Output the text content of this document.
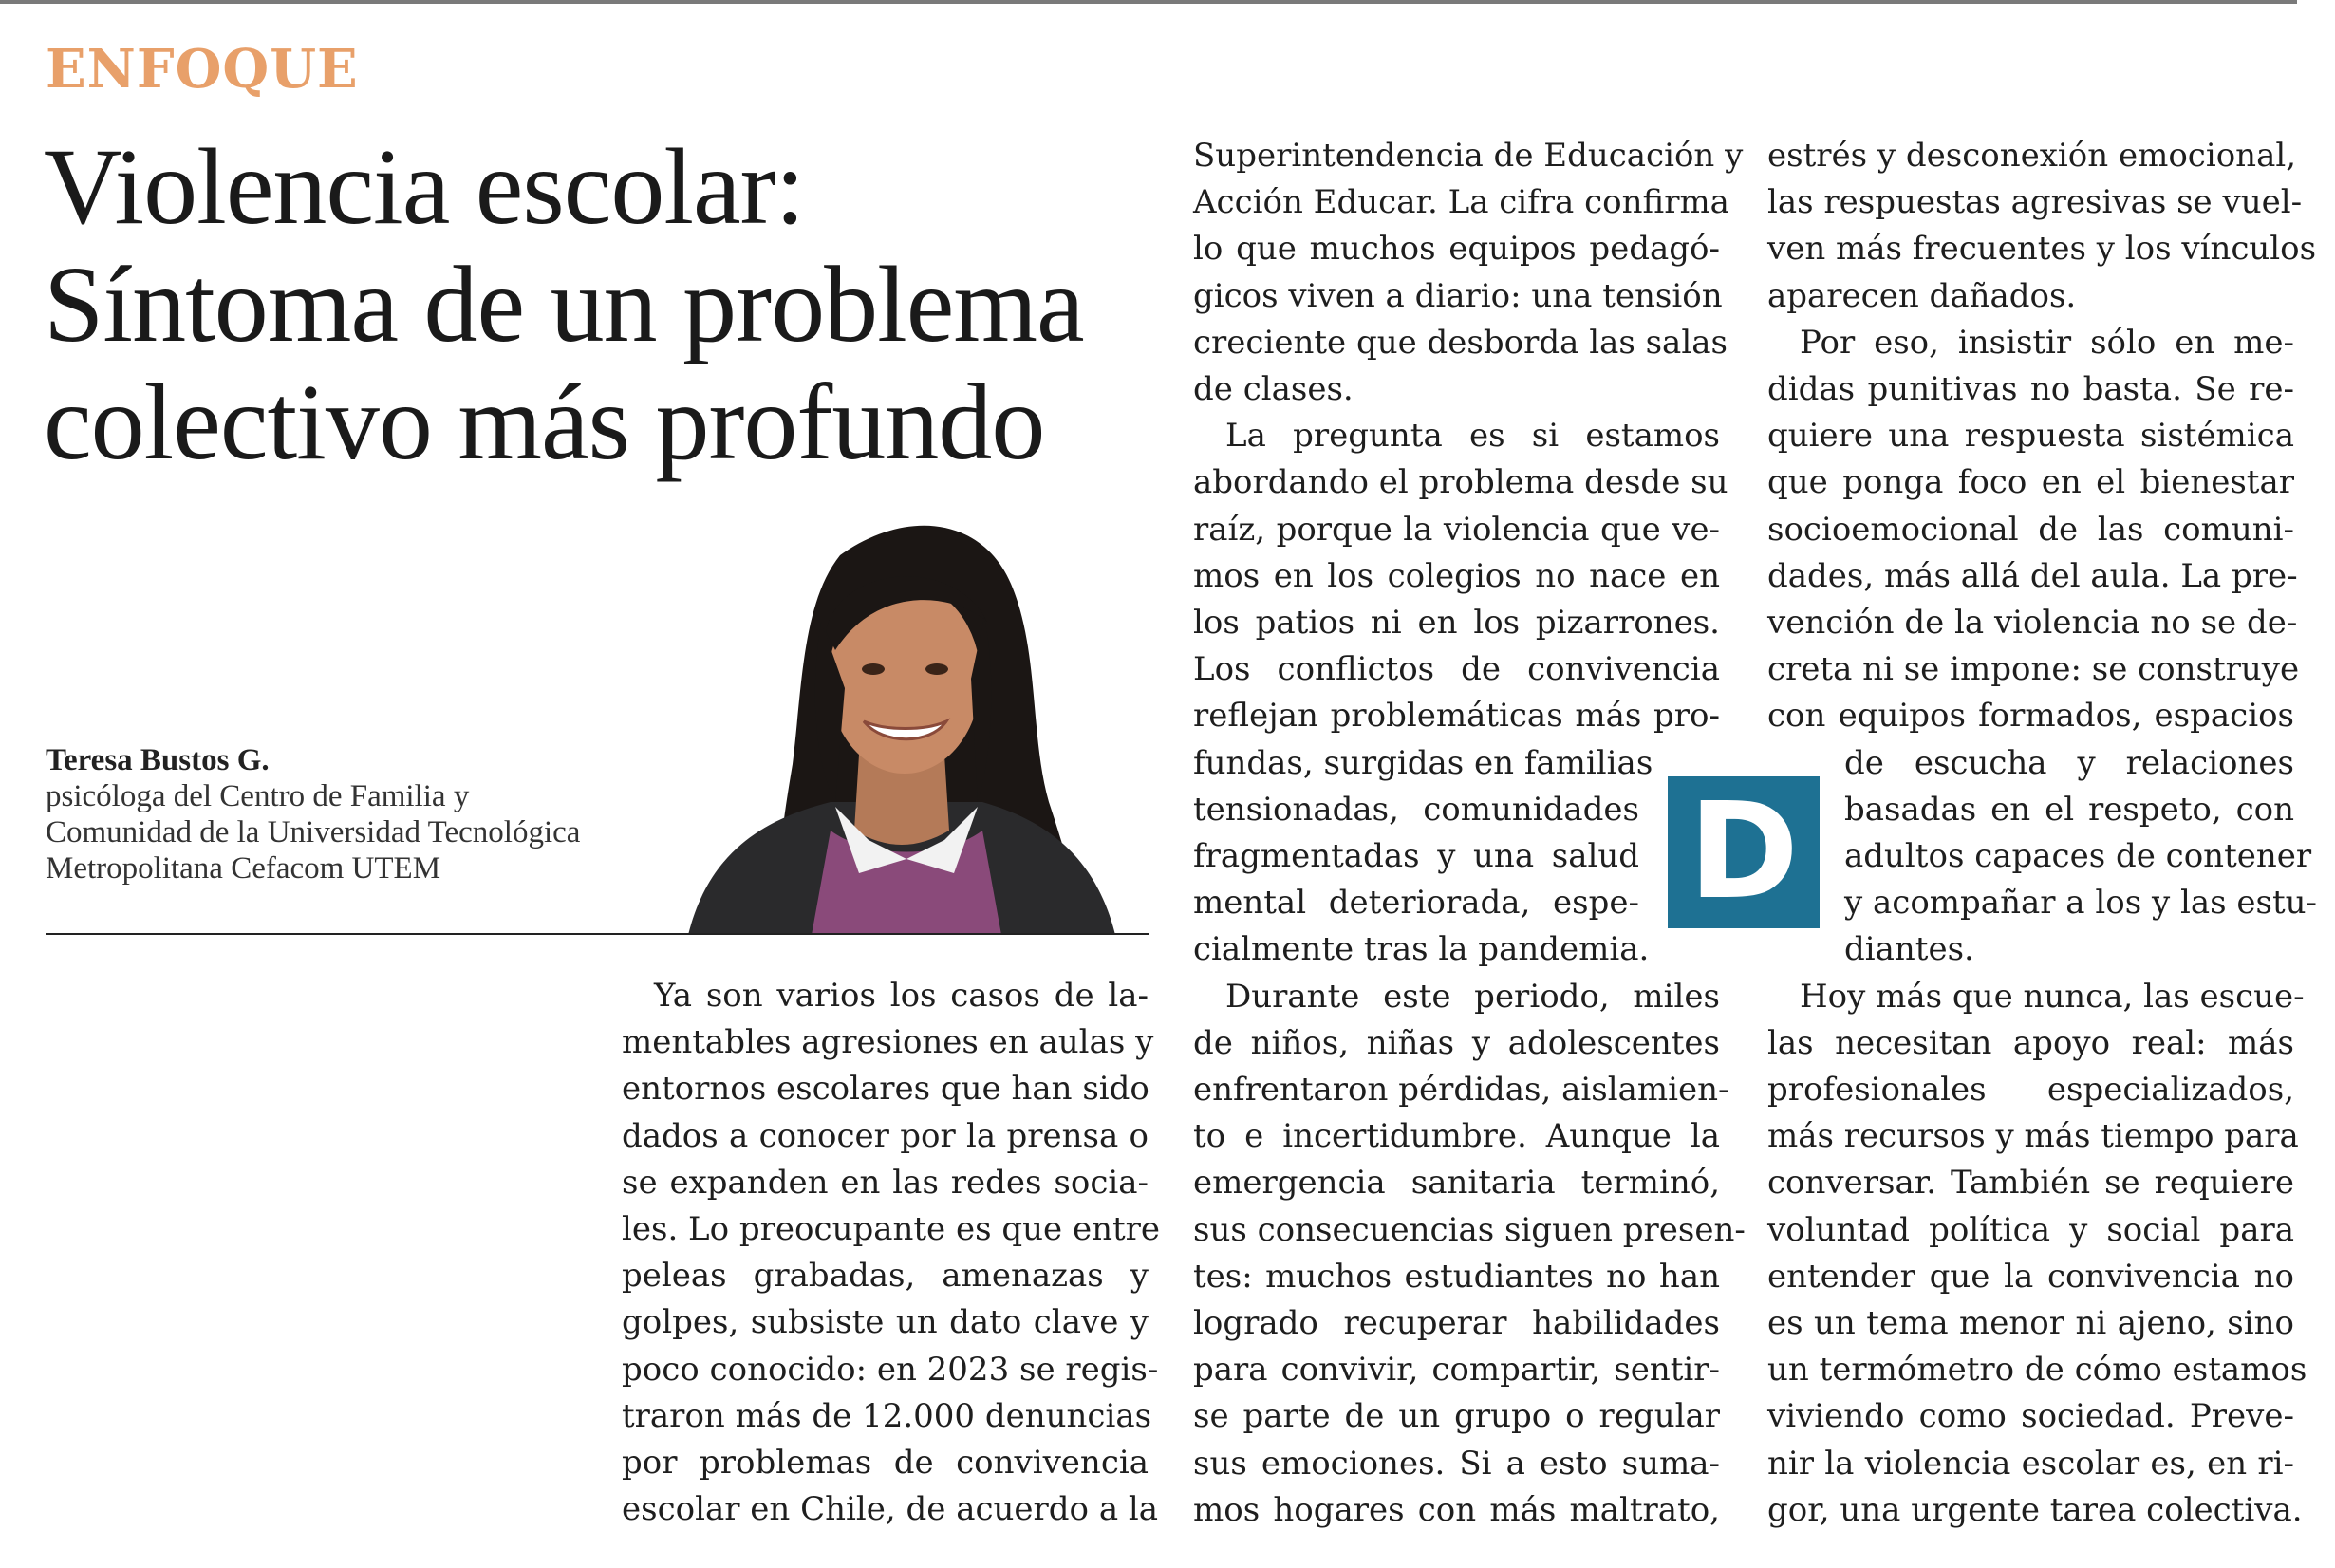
ENFOQUE
Violencia escolar:
Síntoma de un problema
colectivo más profundo
Teresa Bustos G.
psicóloga del Centro de Familia y
Comunidad de la Universidad Tecnológica
Metropolitana Cefacom UTEM
Ya son varios los casos de la-
mentables agresiones en aulas y
entornos escolares que han sido
dados a conocer por la prensa o
se expanden en las redes socia-
les. Lo preocupante es que entre
peleas grabadas, amenazas y
golpes, subsiste un dato clave y
poco conocido: en 2023 se regis-
traron más de 12.000 denuncias
por problemas de convivencia
escolar en Chile, de acuerdo a la
Superintendencia de Educación y
Acción Educar. La cifra confirma
lo que muchos equipos pedagó-
gicos viven a diario: una tensión
creciente que desborda las salas
de clases.
La pregunta es si estamos
abordando el problema desde su
raíz, porque la violencia que ve-
mos en los colegios no nace en
los patios ni en los pizarrones.
Los conflictos de convivencia
reflejan problemáticas más pro-
fundas, surgidas en familias
tensionadas, comunidades
fragmentadas y una salud
mental deteriorada, espe-
cialmente tras la pandemia.
Durante este periodo, miles
de niños, niñas y adolescentes
enfrentaron pérdidas, aislamien-
to e incertidumbre. Aunque la
emergencia sanitaria terminó,
sus consecuencias siguen presen-
tes: muchos estudiantes no han
logrado recuperar habilidades
para convivir, compartir, sentir-
se parte de un grupo o regular
sus emociones. Si a esto suma-
mos hogares con más maltrato,
D
estrés y desconexión emocional,
las respuestas agresivas se vuel-
ven más frecuentes y los vínculos
aparecen dañados.
Por eso, insistir sólo en me-
didas punitivas no basta. Se re-
quiere una respuesta sistémica
que ponga foco en el bienestar
socioemocional de las comuni-
dades, más allá del aula. La pre-
vención de la violencia no se de-
creta ni se impone: se construye
con equipos formados, espacios
de escucha y relaciones
basadas en el respeto, con
adultos capaces de contener
y acompañar a los y las estu-
diantes.
Hoy más que nunca, las escue-
las necesitan apoyo real: más
profesionales especializados,
más recursos y más tiempo para
conversar. También se requiere
voluntad política y social para
entender que la convivencia no
es un tema menor ni ajeno, sino
un termómetro de cómo estamos
viviendo como sociedad. Preve-
nir la violencia escolar es, en ri-
gor, una urgente tarea colectiva.
